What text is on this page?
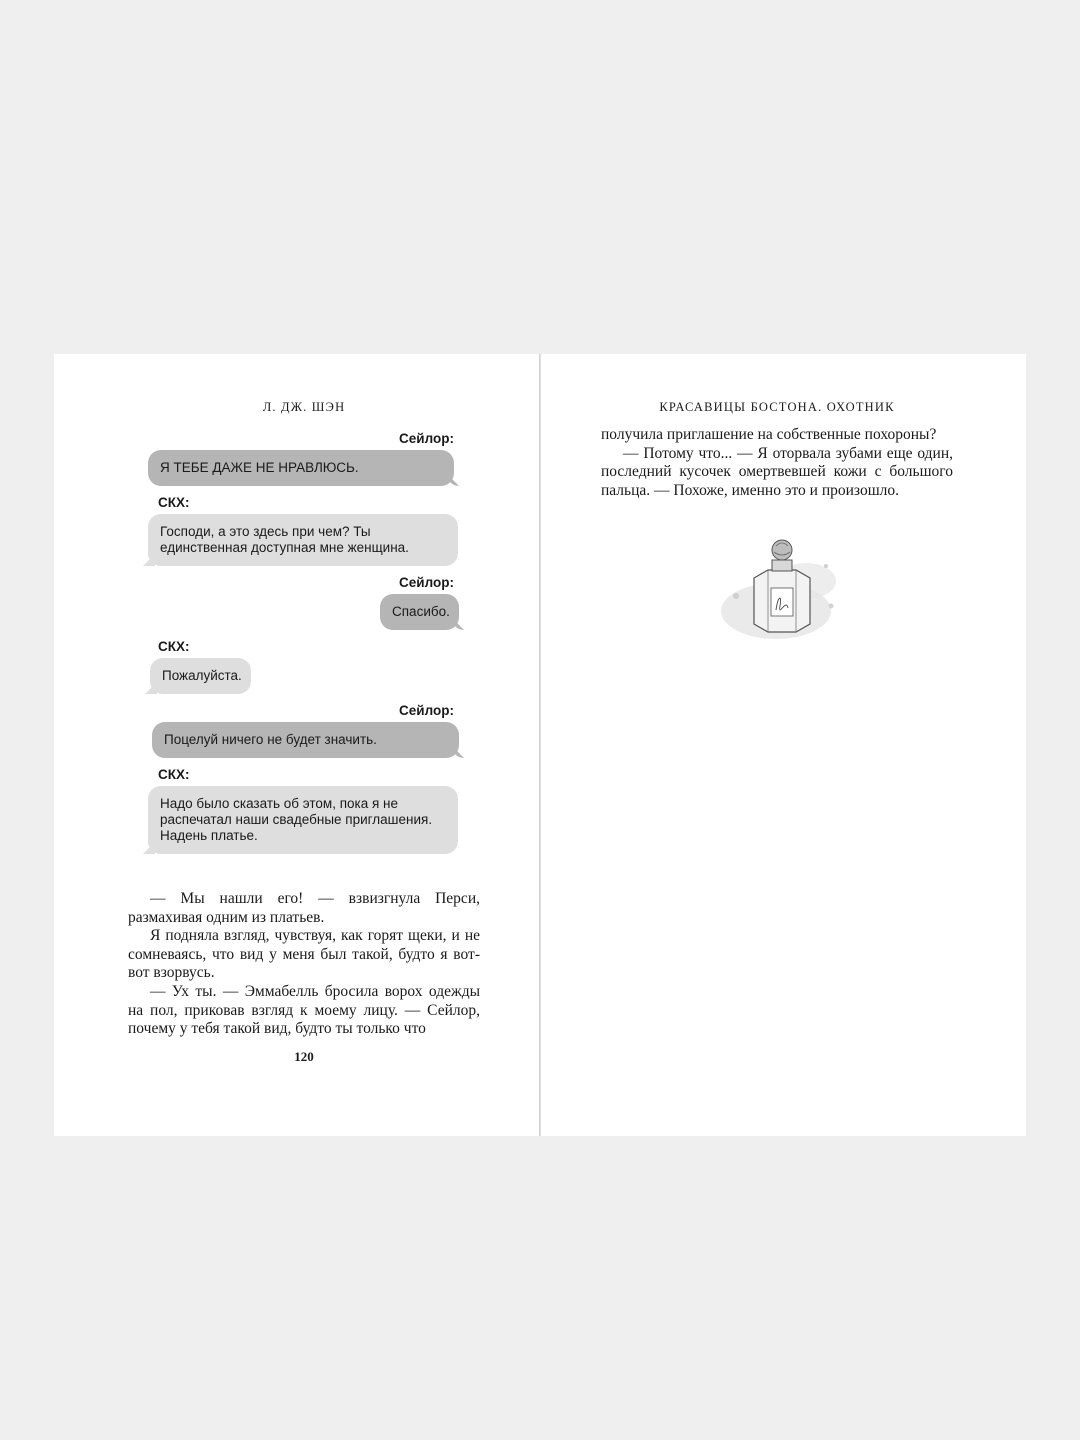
Л. ДЖ. ШЭН
Сейлор:
Я ТЕБЕ ДАЖЕ НЕ НРАВЛЮСЬ.
СКХ:
Господи, а это здесь при чем? Ты единственная доступная мне женщина.
Сейлор:
Спасибо.
СКХ:
Пожалуйста.
Сейлор:
Поцелуй ничего не будет значить.
СКХ:
Надо было сказать об этом, пока я не распечатал наши свадебные приглашения. Надень платье.

— Мы нашли его! — взвизгнула Перси, размахивая одним из платьев.

Я подняла взгляд, чувствуя, как горят щеки, и не сомневаясь, что вид у меня был такой, будто я вот-вот взорвусь.

— Ух ты. — Эммабелль бросила ворох одежды на пол, приковав взгляд к моему лицу. — Сейлор, почему у тебя такой вид, будто ты только что

120
КРАСАВИЦЫ БОСТОНА. ОХОТНИК

получила приглашение на собственные похороны?

— Потому что... — Я оторвала зубами еще один, последний кусочек омертвевшей кожи с большого пальца. — Похоже, именно это и произошло.
